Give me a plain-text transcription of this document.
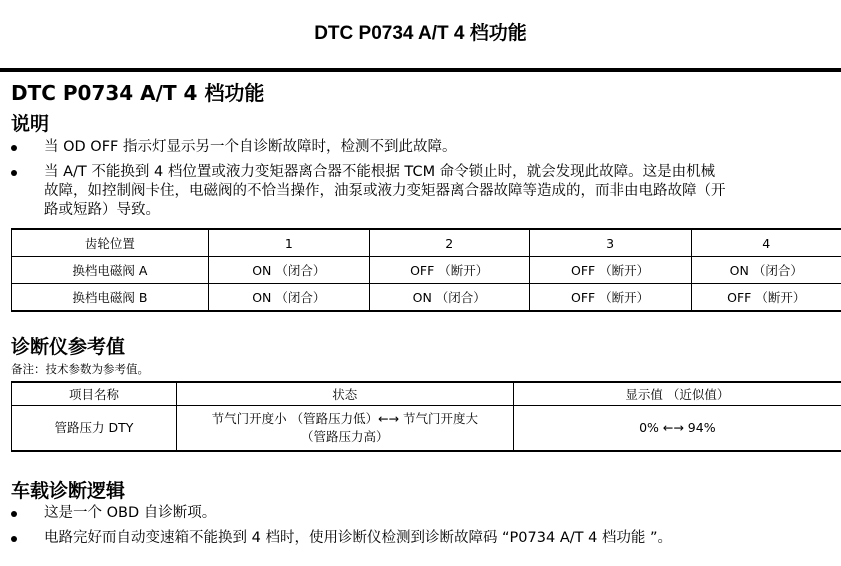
DTC P0734 A/T 4 档功能
DTC P0734 A/T 4 档功能
说明
当 OD OFF 指示灯显示另一个自诊断故障时，检测不到此故障。
当 A/T 不能换到 4 档位置或液力变矩器离合器不能根据 TCM 命令锁止时，就会发现此故障。这是由机械
故障，如控制阀卡住，电磁阀的不恰当操作，油泵或液力变矩器离合器故障等造成的，而非由电路故障（开
路或短路）导致。
齿轮位置	1	2	3	4
换档电磁阀 A	ON （闭合）	OFF （断开）	OFF （断开）	ON （闭合）
换档电磁阀 B	ON （闭合）	ON （闭合）	OFF （断开）	OFF （断开）
诊断仪参考值
备注：技术参数为参考值。
项目名称	状态	显示值 （近似值）
管路压力 DTY	节气门开度小 （管路压力低）←→ 节气门开度大
（管路压力高）	0% ←→ 94%
车载诊断逻辑
这是一个 OBD 自诊断项。
电路完好而自动变速箱不能换到 4 档时，使用诊断仪检测到诊断故障码 “P0734 A/T 4 档功能 ”。
